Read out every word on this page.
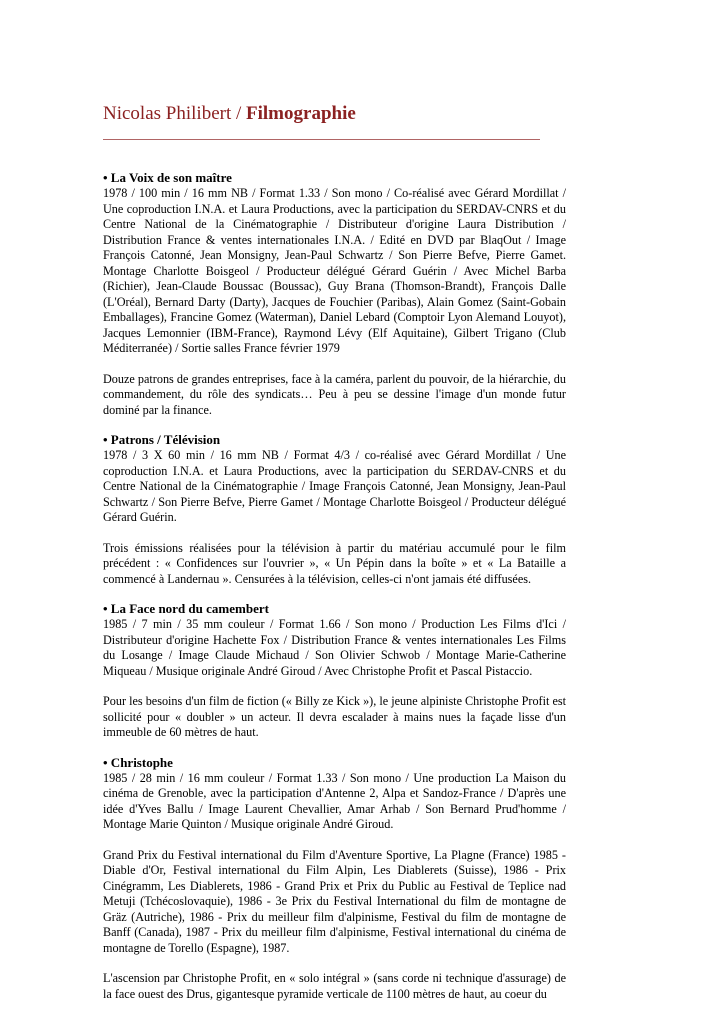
Nicolas Philibert / Filmographie
• La Voix de son maître

1978 / 100 min / 16 mm NB / Format 1.33 / Son mono / Co-réalisé avec Gérard Mordillat / Une coproduction I.N.A. et Laura Productions, avec la participation du SERDAV-CNRS et du Centre National de la Cinématographie / Distributeur d'origine Laura Distribution / Distribution France & ventes internationales I.N.A. / Edité en DVD par BlaqOut / Image François Catonné, Jean Monsigny, Jean-Paul Schwartz / Son Pierre Befve, Pierre Gamet. Montage Charlotte Boisgeol / Producteur délégué Gérard Guérin / Avec Michel Barba (Richier), Jean-Claude Boussac (Boussac), Guy Brana (Thomson-Brandt), François Dalle (L'Oréal), Bernard Darty (Darty), Jacques de Fouchier (Paribas), Alain Gomez (Saint-Gobain Emballages), Francine Gomez (Waterman), Daniel Lebard (Comptoir Lyon Alemand Louyot), Jacques Lemonnier (IBM-France), Raymond Lévy (Elf Aquitaine), Gilbert Trigano (Club Méditerranée) / Sortie salles France février 1979

Douze patrons de grandes entreprises, face à la caméra, parlent du pouvoir, de la hiérarchie, du commandement, du rôle des syndicats… Peu à peu se dessine l'image d'un monde futur dominé par la finance.

• Patrons / Télévision

1978 / 3 X 60 min / 16 mm NB / Format 4/3 / co-réalisé avec Gérard Mordillat / Une coproduction I.N.A. et Laura Productions, avec la participation du SERDAV-CNRS et du Centre National de la Cinématographie / Image François Catonné, Jean Monsigny, Jean-Paul Schwartz / Son Pierre Befve, Pierre Gamet / Montage Charlotte Boisgeol / Producteur délégué Gérard Guérin.

Trois émissions réalisées pour la télévision à partir du matériau accumulé pour le film précédent : « Confidences sur l'ouvrier », « Un Pépin dans la boîte » et « La Bataille a commencé à Landernau ». Censurées à la télévision, celles-ci n'ont jamais été diffusées.

• La Face nord du camembert

1985 / 7 min / 35 mm couleur / Format 1.66 / Son mono / Production Les Films d'Ici / Distributeur d'origine Hachette Fox / Distribution France & ventes internationales Les Films du Losange / Image Claude Michaud / Son Olivier Schwob / Montage Marie-Catherine Miqueau / Musique originale André Giroud / Avec Christophe Profit et Pascal Pistaccio.

Pour les besoins d'un film de fiction (« Billy ze Kick »), le jeune alpiniste Christophe Profit est sollicité pour « doubler » un acteur. Il devra escalader à mains nues la façade lisse d'un immeuble de 60 mètres de haut.

• Christophe

1985 / 28 min / 16 mm couleur / Format 1.33 / Son mono / Une production La Maison du cinéma de Grenoble, avec la participation d'Antenne 2, Alpa et Sandoz-France / D'après une idée d'Yves Ballu / Image Laurent Chevallier, Amar Arhab / Son Bernard Prud'homme / Montage Marie Quinton / Musique originale André Giroud.

Grand Prix du Festival international du Film d'Aventure Sportive, La Plagne (France) 1985 - Diable d'Or, Festival international du Film Alpin, Les Diablerets (Suisse), 1986 - Prix Cinégramm, Les Diablerets, 1986 - Grand Prix et Prix du Public au Festival de Teplice nad Metuji (Tchécoslovaquie), 1986 - 3e Prix du Festival International du film de montagne de Gräz (Autriche), 1986 - Prix du meilleur film d'alpinisme, Festival du film de montagne de Banff (Canada), 1987 - Prix du meilleur film d'alpinisme, Festival international du cinéma de montagne de Torello (Espagne), 1987.

L'ascension par Christophe Profit, en « solo intégral » (sans corde ni technique d'assurage) de la face ouest des Drus, gigantesque pyramide verticale de 1100 mètres de haut, au coeur du
